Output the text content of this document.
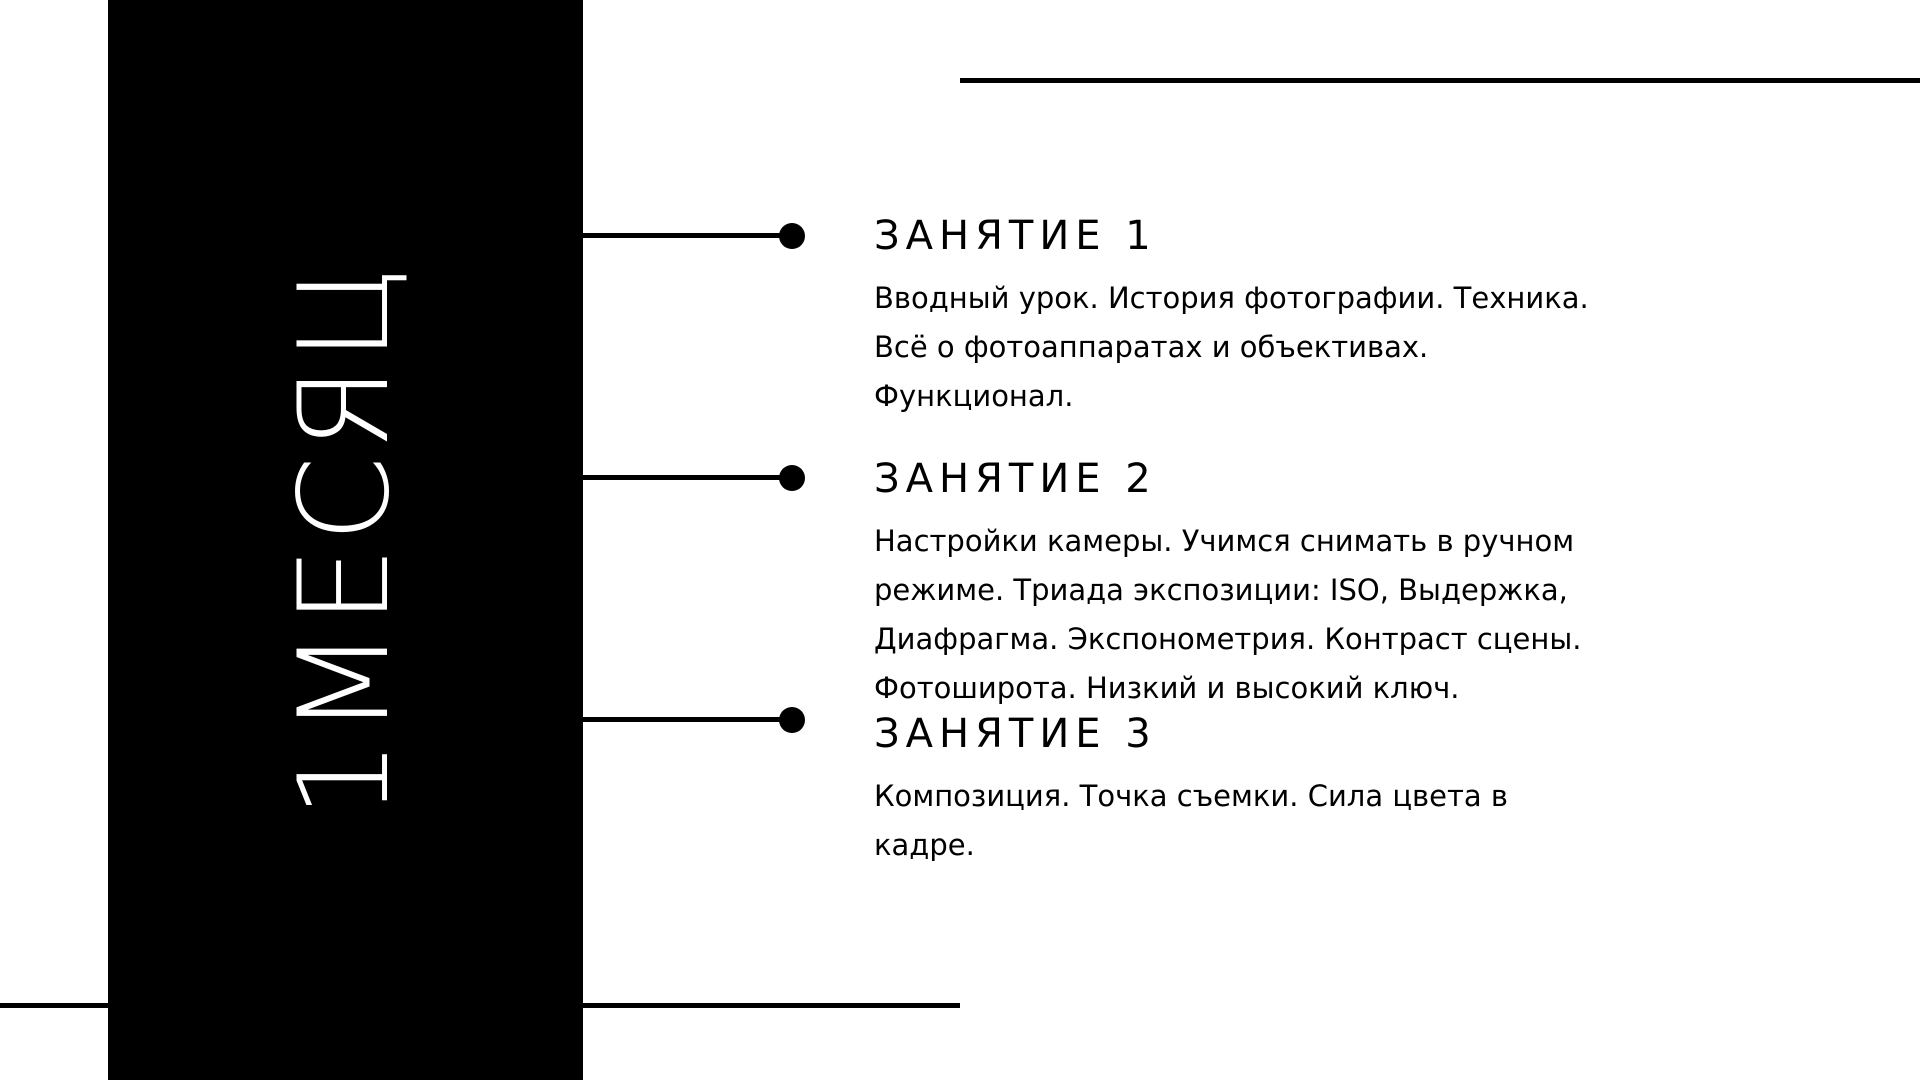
1МЕСЯЦ
ЗАНЯТИЕ 1

Вводный урок. История фотографии. Техника.
Всё о фотоаппаратах и объективах.
Функционал.

ЗАНЯТИЕ 2

Настройки камеры. Учимся снимать в ручном
режиме. Триада экспозиции: ISO, Выдержка,
Диафрагма. Экспонометрия. Контраст сцены.
Фотоширота. Низкий и высокий ключ.

ЗАНЯТИЕ 3

Композиция. Точка съемки. Сила цвета в
кадре.
